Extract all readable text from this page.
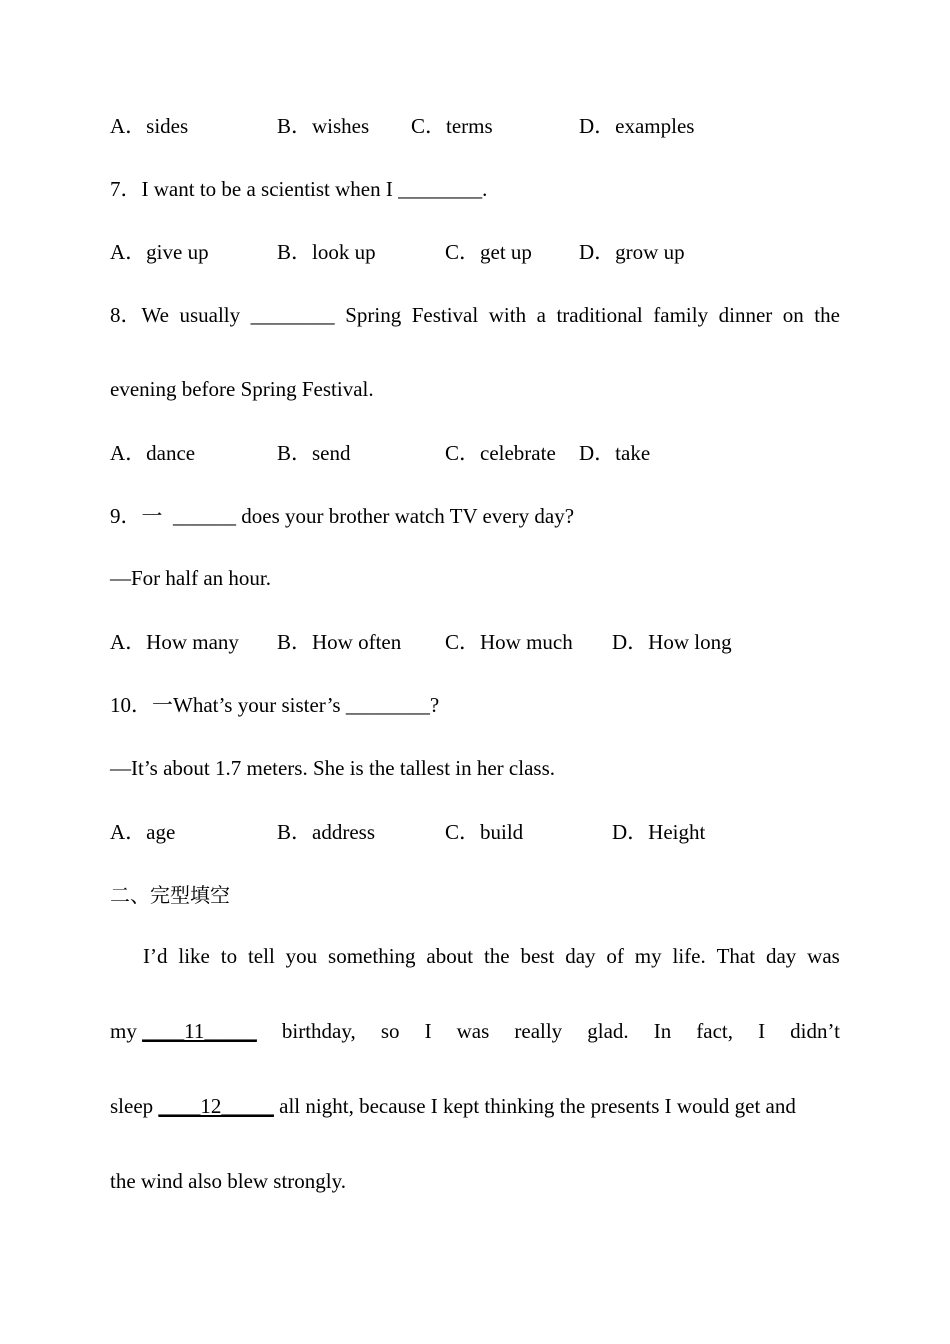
A．sides	B．wishes C．terms	D．examples
7．I want to be a scientist when I ________.
A．give up	B．look up	C．get up D．grow up
8．We usually ________ Spring Festival with a traditional family dinner on the
evening before Spring Festival.
A．dance	B．send	C．celebrate D．take
9．一  ______ does your brother watch TV every day?
—For half an hour.
A．How many B．How often C．How much D．How long
10．一What’s your sister’s ________?
—It’s about 1.7 meters. She is the tallest in her class.
A．age	B．address	C．build	D．Height
二、完型填空
I’d like to tell you something about the best day of my life. That day was
my ____11_____ birthday, so I was really glad. In fact, I didn’t
sleep ____12_____ all night, because I kept thinking the presents I would get and
the wind also blew strongly.
